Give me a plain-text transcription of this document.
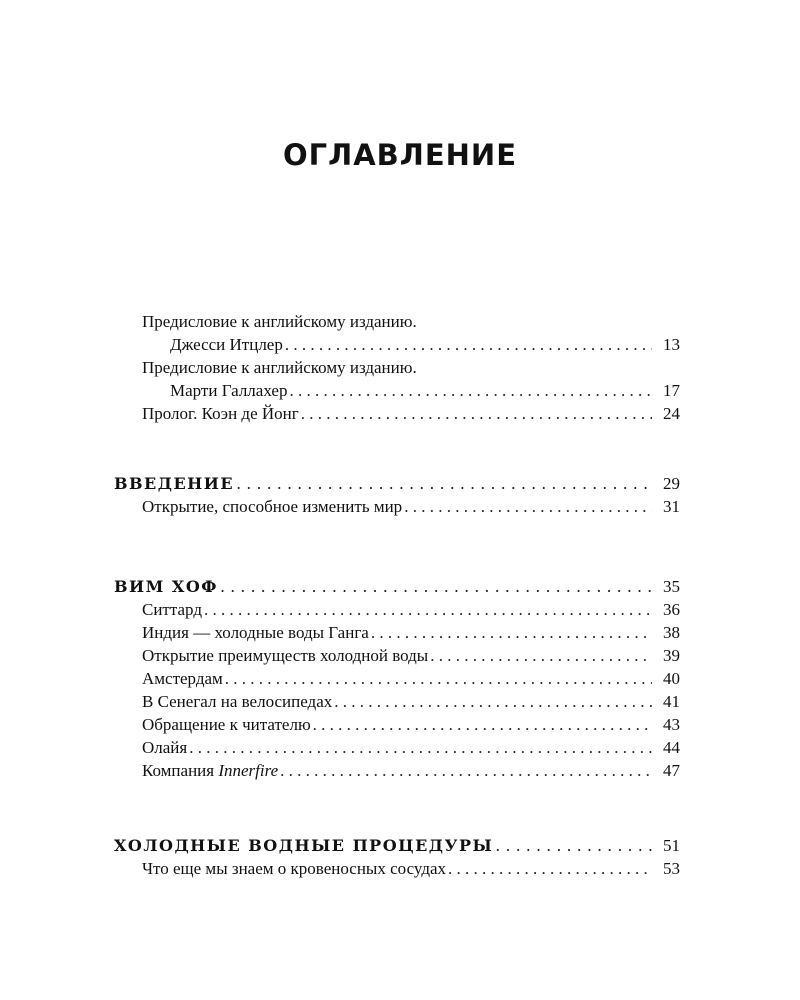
ОГЛАВЛЕНИЕ
Предисловие к английскому изданию.
Джесси Итцлер . . .	13
Предисловие к английскому изданию.
Марти Галлахер . . .	17
Пролог. Коэн де Йонг . . .	24
ВВЕДЕНИЕ . . .	29
Открытие, способное изменить мир . . .	31
ВИМ ХОФ . . .	35
Ситтард . . .	36
Индия — холодные воды Ганга . . .	38
Открытие преимуществ холодной воды . . .	39
Амстердам . . .	40
В Сенегал на велосипедах . . .	41
Обращение к читателю . . .	43
Олайя . . .	44
Компания Innerfire . . .	47
ХОЛОДНЫЕ ВОДНЫЕ ПРОЦЕДУРЫ . . .	51
Что еще мы знаем о кровеносных сосудах . . .	53
